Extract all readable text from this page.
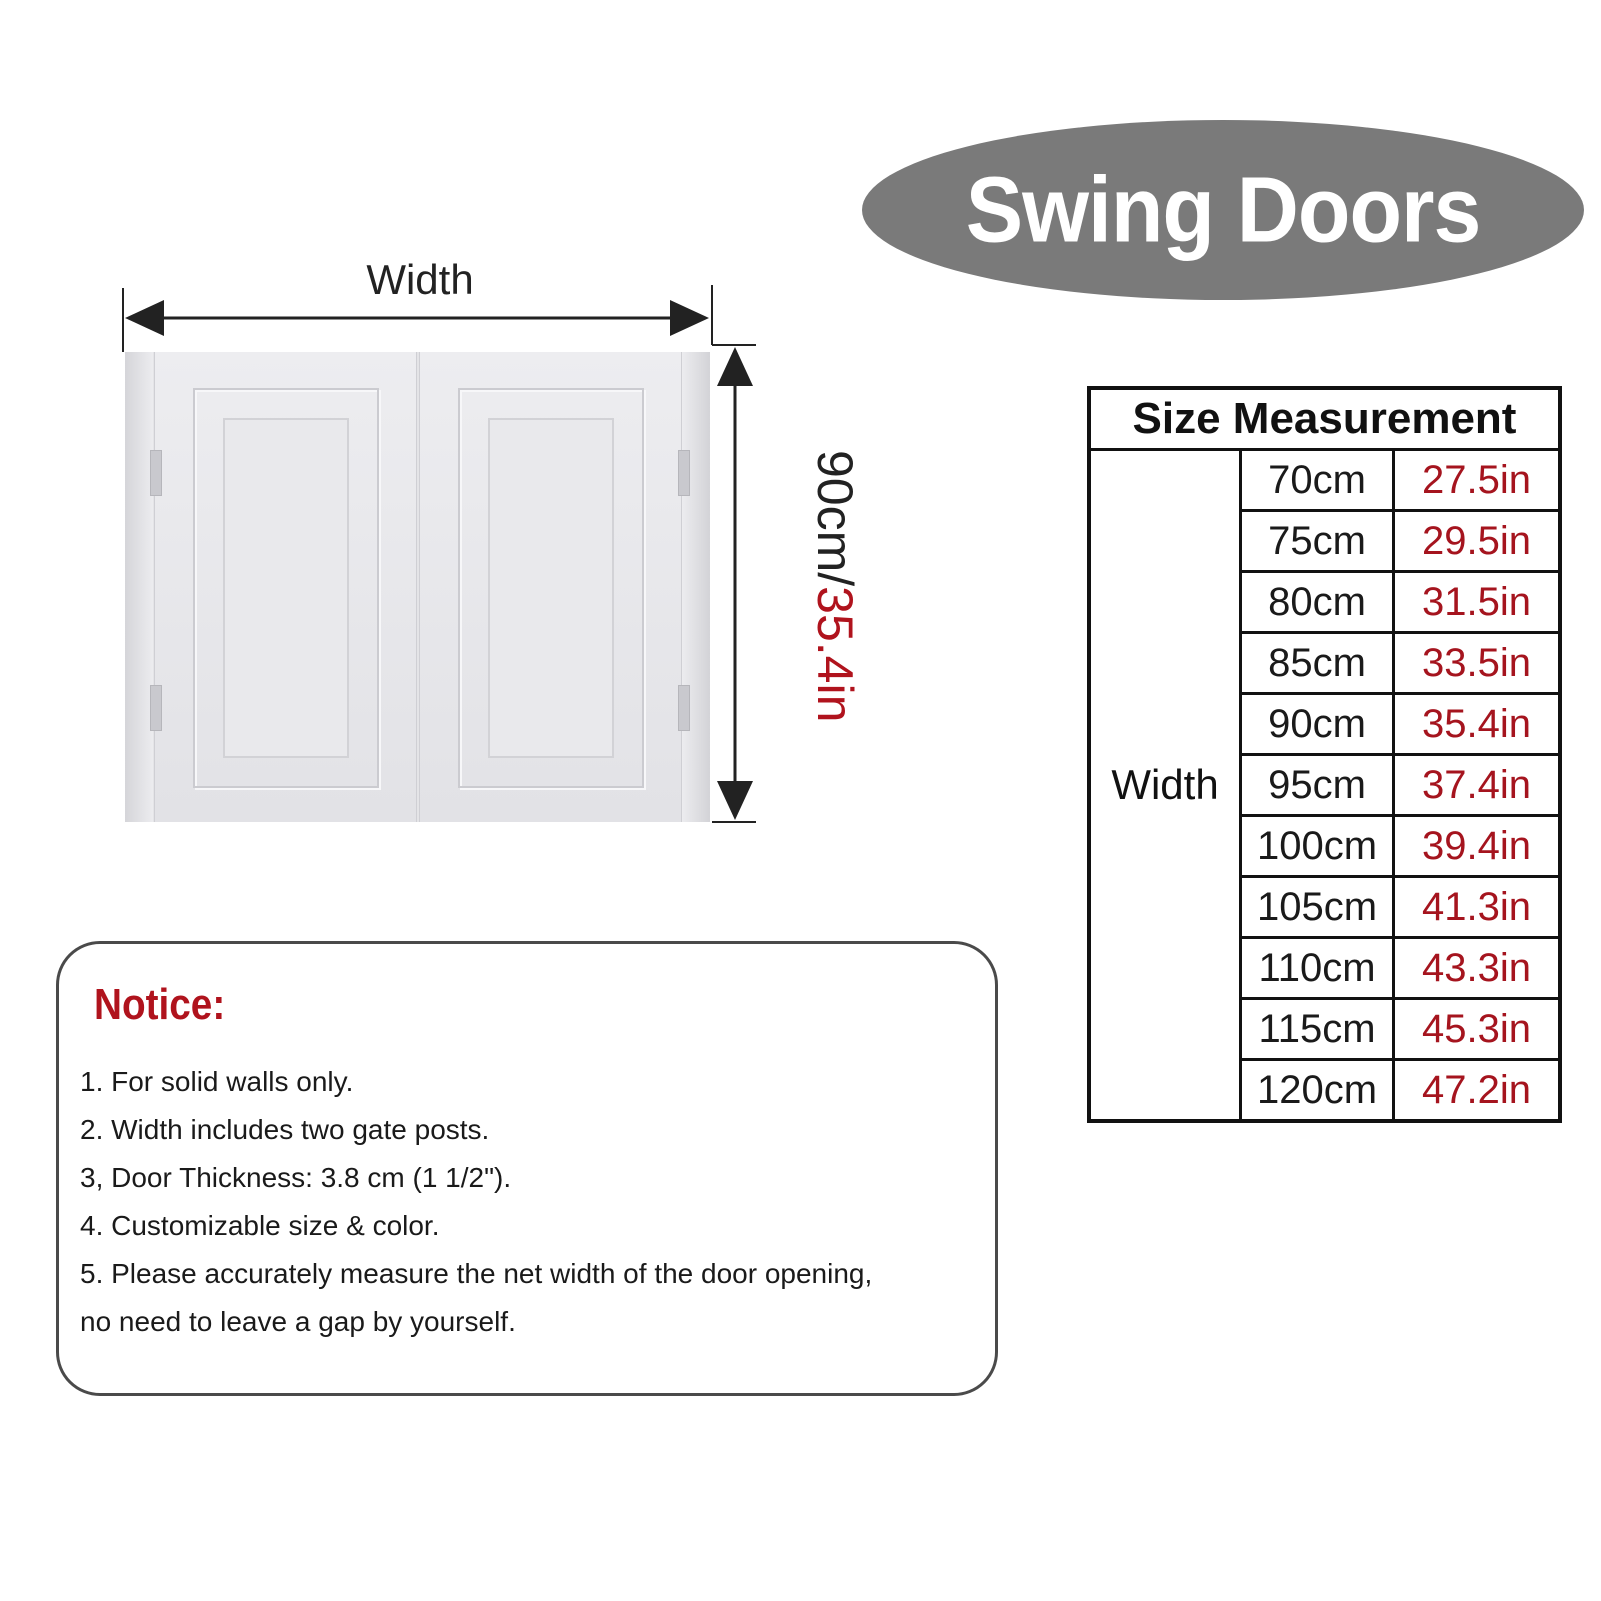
Swing Doors
Width
90cm/35.4in
Size Measurement		
Width	70cm	27.5in
	75cm	29.5in
	80cm	31.5in
	85cm	33.5in
	90cm	35.4in
	95cm	37.4in
	100cm	39.4in
	105cm	41.3in
	110cm	43.3in
	115cm	45.3in
	120cm	47.2in
Notice:
1. For solid walls only.
2. Width includes two gate posts.
3, Door Thickness: 3.8 cm (1 1/2").
4. Customizable size & color.
5. Please accurately measure the net width of the door opening,
no need to leave a gap by yourself.
